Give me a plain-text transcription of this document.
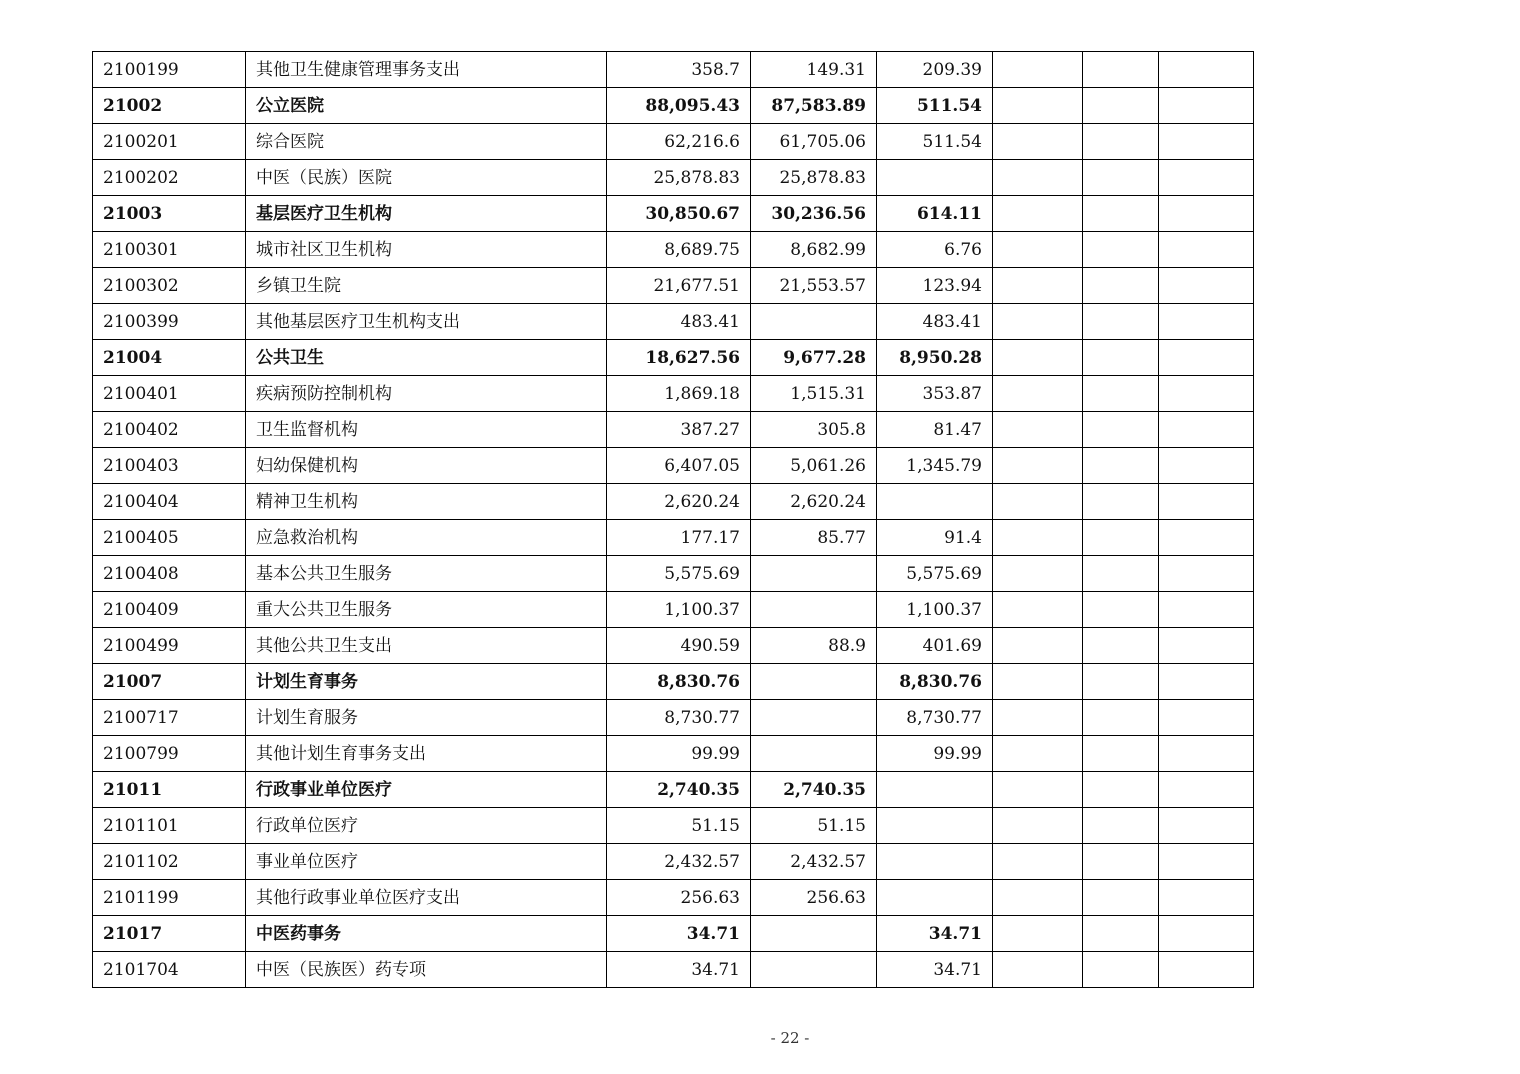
2100199	其他卫生健康管理事务支出	358.7	149.31	209.39			
21002	公立医院	88,095.43	87,583.89	511.54			
2100201	综合医院	62,216.6	61,705.06	511.54			
2100202	中医（民族）医院	25,878.83	25,878.83				
21003	基层医疗卫生机构	30,850.67	30,236.56	614.11			
2100301	城市社区卫生机构	8,689.75	8,682.99	6.76			
2100302	乡镇卫生院	21,677.51	21,553.57	123.94			
2100399	其他基层医疗卫生机构支出	483.41		483.41			
21004	公共卫生	18,627.56	9,677.28	8,950.28			
2100401	疾病预防控制机构	1,869.18	1,515.31	353.87			
2100402	卫生监督机构	387.27	305.8	81.47			
2100403	妇幼保健机构	6,407.05	5,061.26	1,345.79			
2100404	精神卫生机构	2,620.24	2,620.24				
2100405	应急救治机构	177.17	85.77	91.4			
2100408	基本公共卫生服务	5,575.69		5,575.69			
2100409	重大公共卫生服务	1,100.37		1,100.37			
2100499	其他公共卫生支出	490.59	88.9	401.69			
21007	计划生育事务	8,830.76		8,830.76			
2100717	计划生育服务	8,730.77		8,730.77			
2100799	其他计划生育事务支出	99.99		99.99			
21011	行政事业单位医疗	2,740.35	2,740.35				
2101101	行政单位医疗	51.15	51.15				
2101102	事业单位医疗	2,432.57	2,432.57				
2101199	其他行政事业单位医疗支出	256.63	256.63				
21017	中医药事务	34.71		34.71			
2101704	中医（民族医）药专项	34.71		34.71			
- 22 -
